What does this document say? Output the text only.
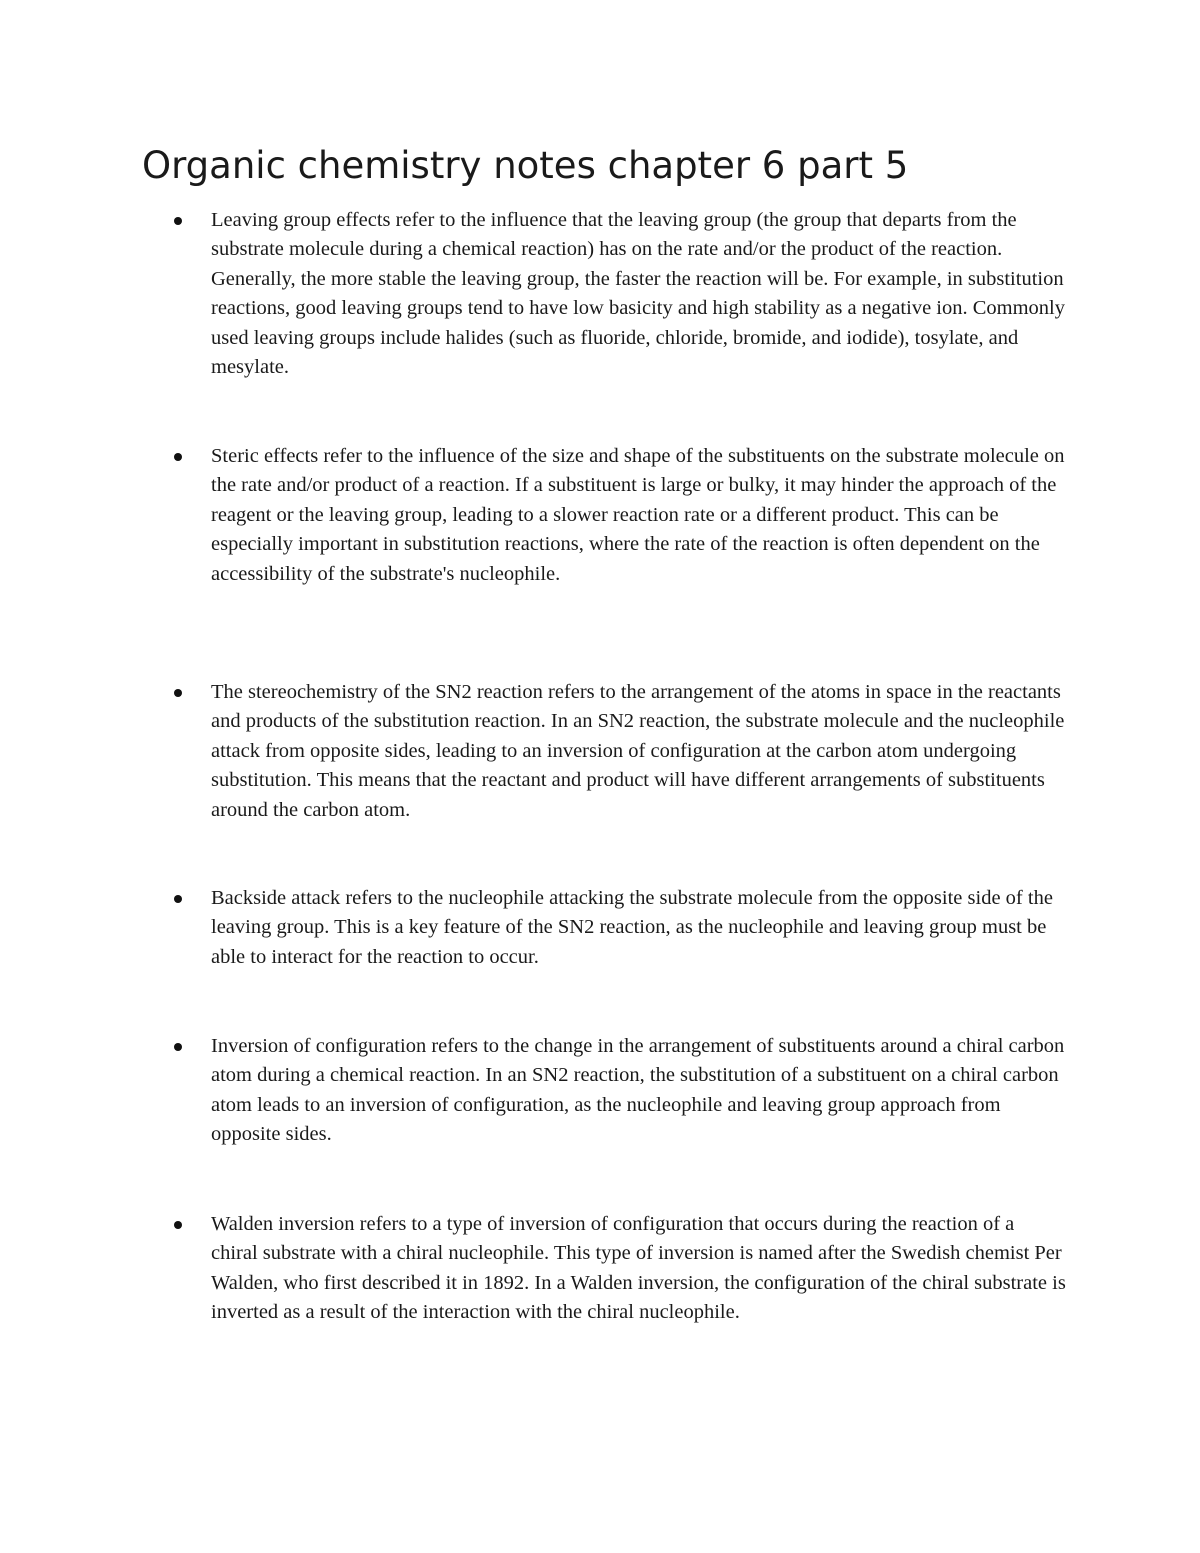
Organic chemistry notes chapter 6 part 5
Leaving group effects refer to the influence that the leaving group (the group that departs from the substrate molecule during a chemical reaction) has on the rate and/or the product of the reaction. Generally, the more stable the leaving group, the faster the reaction will be. For example, in substitution reactions, good leaving groups tend to have low basicity and high stability as a negative ion. Commonly used leaving groups include halides (such as fluoride, chloride, bromide, and iodide), tosylate, and mesylate.
Steric effects refer to the influence of the size and shape of the substituents on the substrate molecule on the rate and/or product of a reaction. If a substituent is large or bulky, it may hinder the approach of the reagent or the leaving group, leading to a slower reaction rate or a different product. This can be especially important in substitution reactions, where the rate of the reaction is often dependent on the accessibility of the substrate's nucleophile.
The stereochemistry of the SN2 reaction refers to the arrangement of the atoms in space in the reactants and products of the substitution reaction. In an SN2 reaction, the substrate molecule and the nucleophile attack from opposite sides, leading to an inversion of configuration at the carbon atom undergoing substitution. This means that the reactant and product will have different arrangements of substituents around the carbon atom.
Backside attack refers to the nucleophile attacking the substrate molecule from the opposite side of the leaving group. This is a key feature of the SN2 reaction, as the nucleophile and leaving group must be able to interact for the reaction to occur.
Inversion of configuration refers to the change in the arrangement of substituents around a chiral carbon atom during a chemical reaction. In an SN2 reaction, the substitution of a substituent on a chiral carbon atom leads to an inversion of configuration, as the nucleophile and leaving group approach from opposite sides.
Walden inversion refers to a type of inversion of configuration that occurs during the reaction of a chiral substrate with a chiral nucleophile. This type of inversion is named after the Swedish chemist Per Walden, who first described it in 1892. In a Walden inversion, the configuration of the chiral substrate is inverted as a result of the interaction with the chiral nucleophile.
